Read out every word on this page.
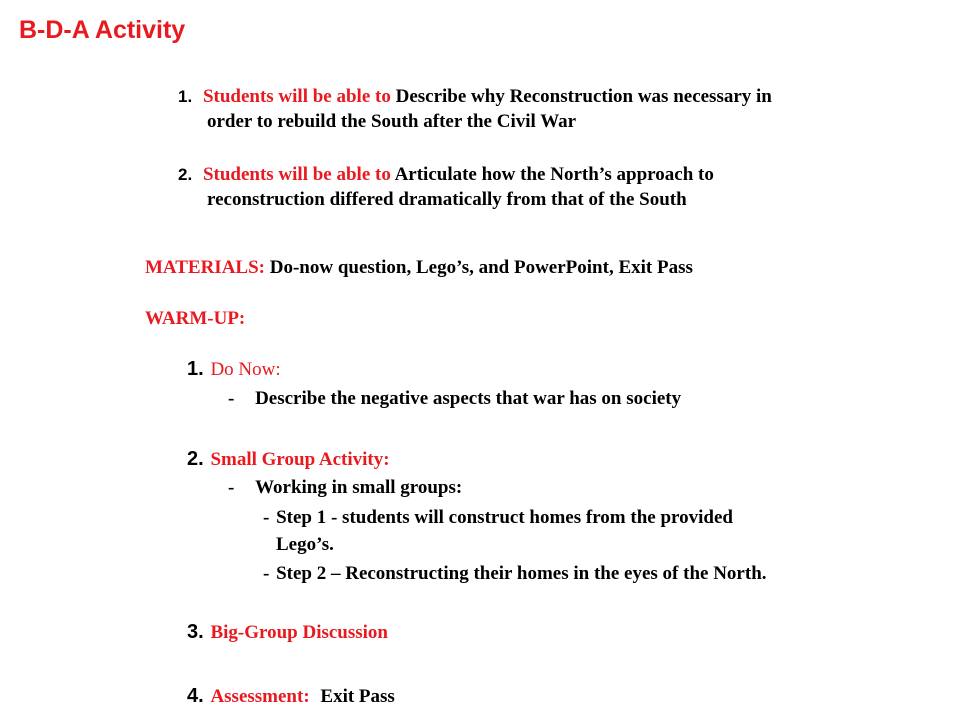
B-D-A Activity
1. Students will be able to Describe why Reconstruction was necessary in
order to rebuild the South after the Civil War
2. Students will be able to Articulate how the North’s approach to
reconstruction differed dramatically from that of the South
MATERIALS: Do-now question, Lego’s, and PowerPoint, Exit Pass
WARM-UP:
1. Do Now:
- Describe the negative aspects that war has on society
2. Small Group Activity:
- Working in small groups:
- Step 1 - students will construct homes from the provided
Lego’s.
- Step 2 – Reconstructing their homes in the eyes of the North.
3. Big-Group Discussion
4. Assessment: Exit Pass
